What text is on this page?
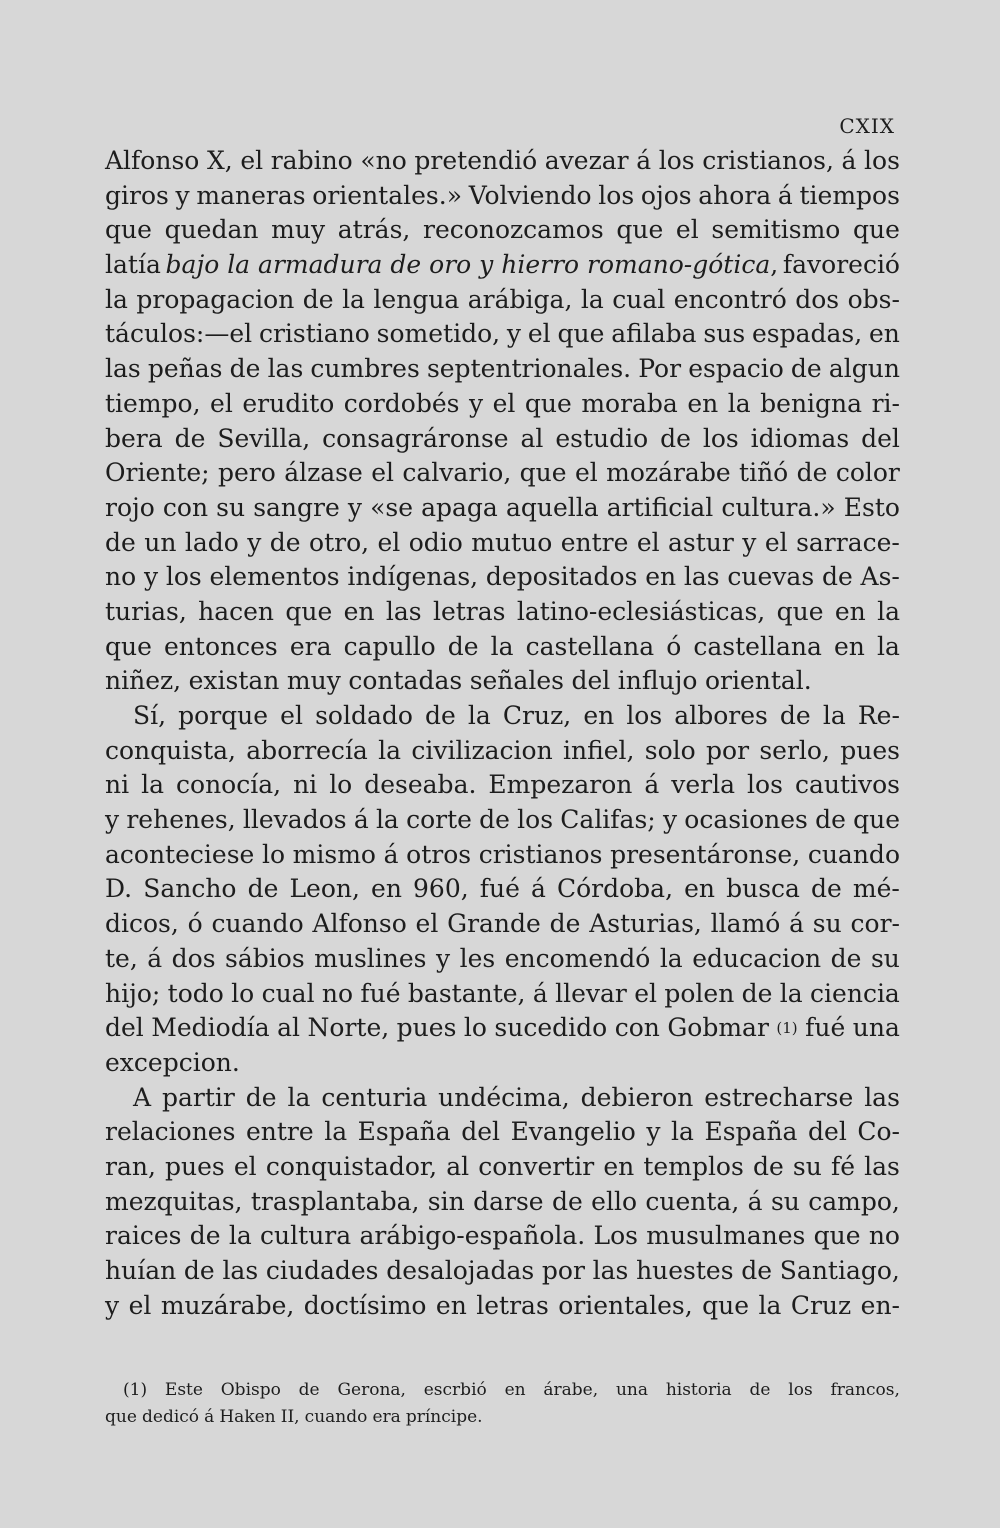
CXIX
Alfonso X, el rabino «no pretendió avezar á los cristianos, á los
giros y maneras orientales.» Volviendo los ojos ahora á tiempos
que quedan muy atrás, reconozcamos que el semitismo que
latía bajo la armadura de oro y hierro romano-gótica, favoreció
la propagacion de la lengua arábiga, la cual encontró dos obs-
táculos:—el cristiano sometido, y el que afilaba sus espadas, en
las peñas de las cumbres septentrionales. Por espacio de algun
tiempo, el erudito cordobés y el que moraba en la benigna ri-
bera de Sevilla, consagráronse al estudio de los idiomas del
Oriente; pero álzase el calvario, que el mozárabe tiñó de color
rojo con su sangre y «se apaga aquella artificial cultura.» Esto
de un lado y de otro, el odio mutuo entre el astur y el sarrace-
no y los elementos indígenas, depositados en las cuevas de As-
turias, hacen que en las letras latino-eclesiásticas, que en la
que entonces era capullo de la castellana ó castellana en la
niñez, existan muy contadas señales del influjo oriental.
Sí, porque el soldado de la Cruz, en los albores de la Re-
conquista, aborrecía la civilizacion infiel, solo por serlo, pues
ni la conocía, ni lo deseaba. Empezaron á verla los cautivos
y rehenes, llevados á la corte de los Califas; y ocasiones de que
aconteciese lo mismo á otros cristianos presentáronse, cuando
D. Sancho de Leon, en 960, fué á Córdoba, en busca de mé-
dicos, ó cuando Alfonso el Grande de Asturias, llamó á su cor-
te, á dos sábios muslines y les encomendó la educacion de su
hijo; todo lo cual no fué bastante, á llevar el polen de la ciencia
del Mediodía al Norte, pues lo sucedido con Gobmar (1) fué una
excepcion.
A partir de la centuria undécima, debieron estrecharse las
relaciones entre la España del Evangelio y la España del Co-
ran, pues el conquistador, al convertir en templos de su fé las
mezquitas, trasplantaba, sin darse de ello cuenta, á su campo,
raices de la cultura arábigo-española. Los musulmanes que no
huían de las ciudades desalojadas por las huestes de Santiago,
y el muzárabe, doctísimo en letras orientales, que la Cruz en-
(1) Este Obispo de Gerona, escrbió en árabe, una historia de los francos,
que dedicó á Haken II, cuando era príncipe.
